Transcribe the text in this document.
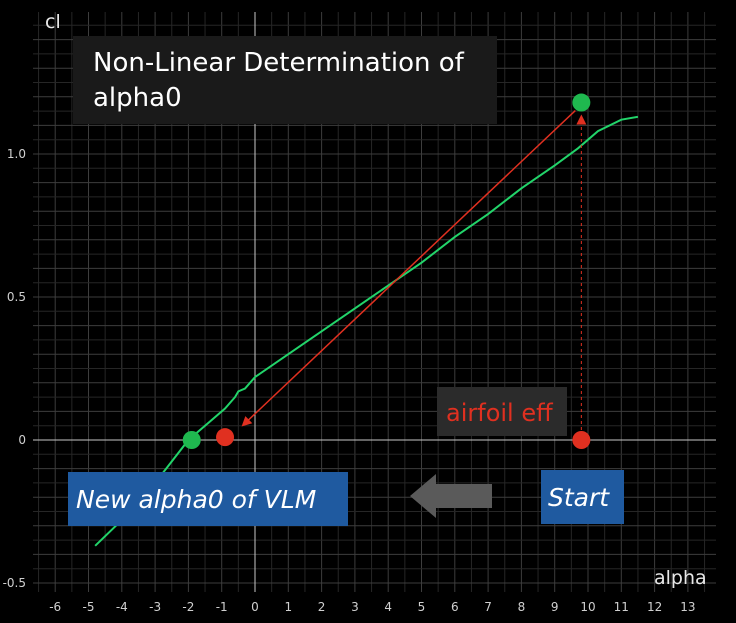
-6 -5 -4 -3 -2 -1 0 1 2 3 4 5 6 7 8 9 10 11 12 13
-0.5
0
0.5
1.0
Non-Linear Determination of
alpha0
cl
alpha
airfoil eff
New alpha0 of VLM	Start
